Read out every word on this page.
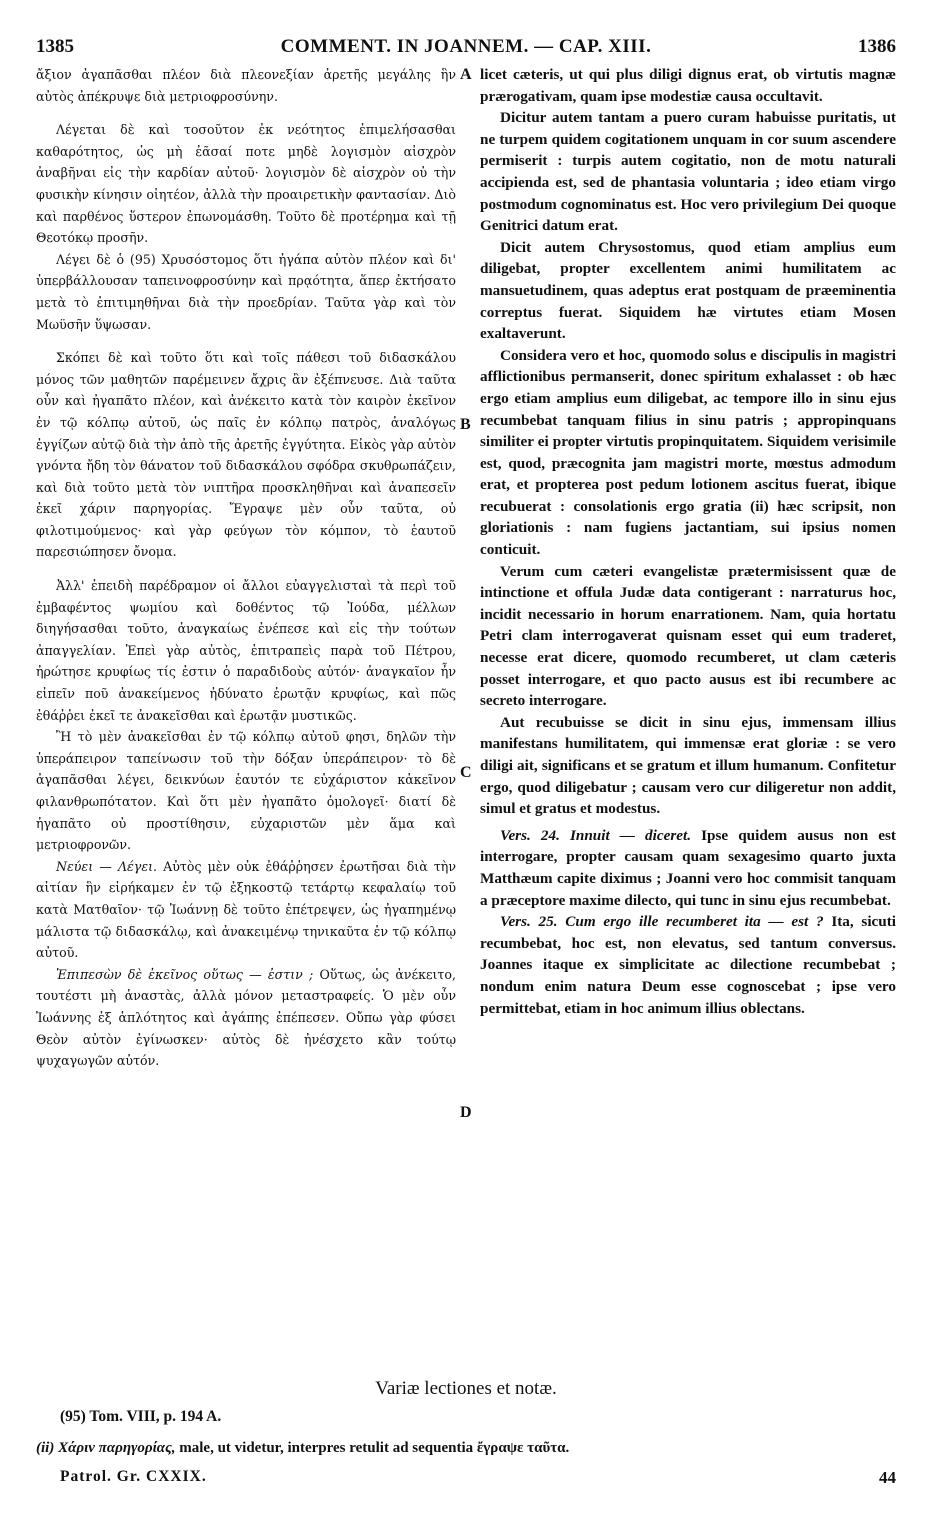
1385	COMMENT. IN JOANNEM. — CAP. XIII.	1386
A
B
C
D

ἄξιον ἀγαπᾶσθαι πλέον διὰ πλεονεξίαν ἀρετῆς μεγάλης ἣν αὐτὸς ἀπέκρυψε διὰ μετριοφροσύνην.

Λέγεται δὲ καὶ τοσοῦτον ἐκ νεότητος ἐπιμελήσασθαι καθαρότητος, ὡς μὴ ἐᾶσαί ποτε μηδὲ λογισμὸν αἰσχρὸν ἀναβῆναι εἰς τὴν καρδίαν αὐτοῦ· λογισμὸν δὲ αἰσχρὸν οὐ τὴν φυσικὴν κίνησιν οἰητέον, ἀλλὰ τὴν προαιρετικὴν φαντασίαν. Διὸ καὶ παρθένος ὕστερον ἐπωνομάσθη. Τοῦτο δὲ προτέρημα καὶ τῇ Θεοτόκῳ προσῆν.

Λέγει δὲ ὁ (95) Χρυσόστομος ὅτι ἠγάπα αὐτὸν πλέον καὶ δι' ὑπερβάλλουσαν ταπεινοφροσύνην καὶ πρᾳότητα, ἅπερ ἐκτήσατο μετὰ τὸ ἐπιτιμηθῆναι διὰ τὴν προεδρίαν. Ταῦτα γὰρ καὶ τὸν Μωϋσῆν ὕψωσαν.

Σκόπει δὲ καὶ τοῦτο ὅτι καὶ τοῖς πάθεσι τοῦ διδασκάλου μόνος τῶν μαθητῶν παρέμεινεν ἄχρις ἂν ἐξέπνευσε. Διὰ ταῦτα οὖν καὶ ἠγαπᾶτο πλέον, καὶ ἀνέκειτο κατὰ τὸν καιρὸν ἐκεῖνον ἐν τῷ κόλπῳ αὐτοῦ, ὡς παῖς ἐν κόλπῳ πατρὸς, ἀναλόγως ἐγγίζων αὐτῷ διὰ τὴν ἀπὸ τῆς ἀρετῆς ἐγγύτητα. Εἰκὸς γὰρ αὐτὸν γνόντα ἤδη τὸν θάνατον τοῦ διδασκάλου σφόδρα σκυθρωπάζειν, καὶ διὰ τοῦτο μετὰ τὸν νιπτῆρα προσκληθῆναι καὶ ἀναπεσεῖν ἐκεῖ χάριν παρηγορίας. Ἔγραψε μὲν οὖν ταῦτα, οὐ φιλοτιμούμενος· καὶ γὰρ φεύγων τὸν κόμπον, τὸ ἑαυτοῦ παρεσιώπησεν ὄνομα.

Ἀλλ' ἐπειδὴ παρέδραμον οἱ ἄλλοι εὐαγγελισταὶ τὰ περὶ τοῦ ἐμβαφέντος ψωμίου καὶ δοθέντος τῷ Ἰούδα, μέλλων διηγήσασθαι τοῦτο, ἀναγκαίως ἐνέπεσε καὶ εἰς τὴν τούτων ἀπαγγελίαν. Ἐπεὶ γὰρ αὐτὸς, ἐπιτραπεὶς παρὰ τοῦ Πέτρου, ἠρώτησε κρυφίως τίς ἐστιν ὁ παραδιδοὺς αὐτόν· ἀναγκαῖον ἦν εἰπεῖν ποῦ ἀνακείμενος ἠδύνατο ἐρωτᾷν κρυφίως, καὶ πῶς ἐθάῤῥει ἐκεῖ τε ἀνακεῖσθαι καὶ ἐρωτᾷν μυστικῶς.

Ἢ τὸ μὲν ἀνακεῖσθαι ἐν τῷ κόλπῳ αὐτοῦ φησι, δηλῶν τὴν ὑπεράπειρον ταπείνωσιν τοῦ τὴν δόξαν ὑπεράπειρον· τὸ δὲ ἀγαπᾶσθαι λέγει, δεικνύων ἑαυτόν τε εὐχάριστον κἀκεῖνον φιλανθρωπότατον. Καὶ ὅτι μὲν ἠγαπᾶτο ὁμολογεῖ· διατί δὲ ἠγαπᾶτο οὐ προστίθησιν, εὐχαριστῶν μὲν ἅμα καὶ μετριοφρονῶν.

Νεύει — Λέγει. Αὐτὸς μὲν οὐκ ἐθάῤῥησεν ἐρωτῆσαι διὰ τὴν αἰτίαν ἣν εἰρήκαμεν ἐν τῷ ἐξηκοστῷ τετάρτῳ κεφαλαίῳ τοῦ κατὰ Ματθαῖον· τῷ Ἰωάννῃ δὲ τοῦτο ἐπέτρεψεν, ὡς ἠγαπημένῳ μάλιστα τῷ διδασκάλῳ, καὶ ἀνακειμένῳ τηνικαῦτα ἐν τῷ κόλπῳ αὐτοῦ.

Ἐπιπεσὼν δὲ ἐκεῖνος οὕτως — ἐστιν ; Οὕτως, ὡς ἀνέκειτο, τουτέστι μὴ ἀναστὰς, ἀλλὰ μόνον μεταστραφείς. Ὁ μὲν οὖν Ἰωάννης ἐξ ἁπλότητος καὶ ἀγάπης ἐπέπεσεν. Οὔπω γὰρ φύσει Θεὸν αὐτὸν ἐγίνωσκεν· αὐτὸς δὲ ἠνέσχετο κἂν τούτῳ ψυχαγωγῶν αὐτόν.

licet cæteris, ut qui plus diligi dignus erat, ob virtutis magnæ prærogativam, quam ipse modestiæ causa occultavit.

Dicitur autem tantam a puero curam habuisse puritatis, ut ne turpem quidem cogitationem unquam in cor suum ascendere permiserit : turpis autem cogitatio, non de motu naturali accipienda est, sed de phantasia voluntaria ; ideo etiam virgo postmodum cognominatus est. Hoc vero privilegium Dei quoque Genitrici datum erat.

Dicit autem Chrysostomus, quod etiam amplius eum diligebat, propter excellentem animi humilitatem ac mansuetudinem, quas adeptus erat postquam de præeminentia correptus fuerat. Siquidem hæ virtutes etiam Mosen exaltaverunt.

Considera vero et hoc, quomodo solus e discipulis in magistri afflictionibus permanserit, donec spiritum exhalasset : ob hæc ergo etiam amplius eum diligebat, ac tempore illo in sinu ejus recumbebat tanquam filius in sinu patris ; appropinquans similiter ei propter virtutis propinquitatem. Siquidem verisimile est, quod, præcognita jam magistri morte, mœstus admodum erat, et propterea post pedum lotionem ascitus fuerat, ibique recubuerat : consolationis ergo gratia (ii) hæc scripsit, non gloriationis : nam fugiens jactantiam, sui ipsius nomen conticuit.

Verum cum cæteri evangelistæ prætermisissent quæ de intinctione et offula Judæ data contigerant : narraturus hoc, incidit necessario in horum enarrationem. Nam, quia hortatu Petri clam interrogaverat quisnam esset qui eum traderet, necesse erat dicere, quomodo recumberet, ut clam cæteris posset interrogare, et quo pacto ausus est ibi recumbere ac secreto interrogare.

Aut recubuisse se dicit in sinu ejus, immensam illius manifestans humilitatem, qui immensæ erat gloriæ : se vero diligi ait, significans et se gratum et illum humanum. Confitetur ergo, quod diligebatur ; causam vero cur diligeretur non addit, simul et gratus et modestus.

Vers. 24. Innuit — diceret. Ipse quidem ausus non est interrogare, propter causam quam sexagesimo quarto juxta Matthæum capite diximus ; Joanni vero hoc commisit tanquam a præceptore maxime dilecto, qui tunc in sinu ejus recumbebat.

Vers. 25. Cum ergo ille recumberet ita — est ? Ita, sicuti recumbebat, hoc est, non elevatus, sed tantum conversus. Joannes itaque ex simplicitate ac dilectione recumbebat ; nondum enim natura Deum esse cognoscebat ; ipse vero permittebat, etiam in hoc animum illius oblectans.

Variæ lectiones et notæ.
(95) Tom. VIII, p. 194 A.
(ii) Χάριν παρηγορίας, male, ut videtur, interpres retulit ad sequentia ἔγραψε ταῦτα.
Patrol. Gr. CXXIX.	44
